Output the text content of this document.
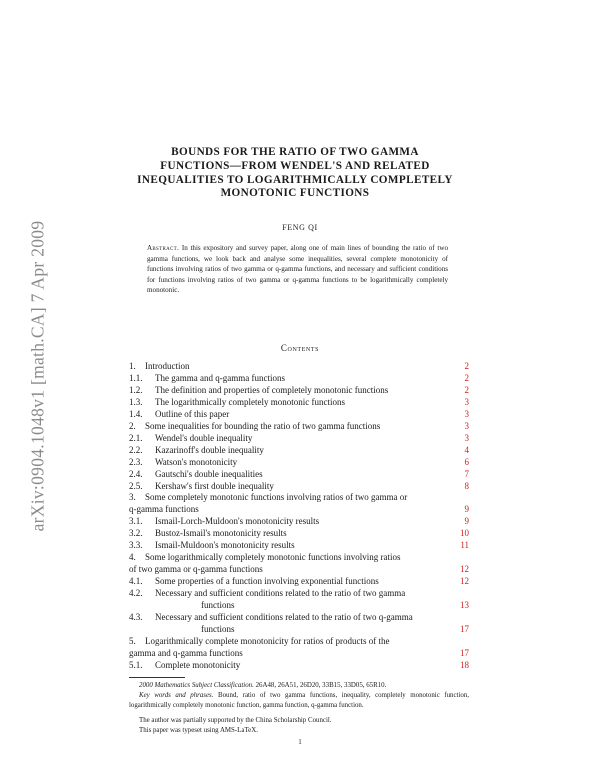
arXiv:0904.1048v1 [math.CA] 7 Apr 2009
BOUNDS FOR THE RATIO OF TWO GAMMA
FUNCTIONS—FROM WENDEL'S AND RELATED
INEQUALITIES TO LOGARITHMICALLY COMPLETELY
MONOTONIC FUNCTIONS
FENG QI
Abstract. In this expository and survey paper, along one of main lines of bounding the ratio of two gamma functions, we look back and analyse some inequalities, several complete monotonicity of functions involving ratios of two gamma or q-gamma functions, and necessary and sufficient conditions for functions involving ratios of two gamma or q-gamma functions to be logarithmically completely monotonic.
Contents
1. Introduction	2
1.1. The gamma and q-gamma functions	2
1.2. The definition and properties of completely monotonic functions	2
1.3. The logarithmically completely monotonic functions	3
1.4. Outline of this paper	3
2. Some inequalities for bounding the ratio of two gamma functions	3
2.1. Wendel's double inequality	3
2.2. Kazarinoff's double inequality	4
2.3. Watson's monotonicity	6
2.4. Gautschi's double inequalities	7
2.5. Kershaw's first double inequality	8
3. Some completely monotonic functions involving ratios of two gamma or
q-gamma functions	9
3.1. Ismail-Lorch-Muldoon's monotonicity results	9
3.2. Bustoz-Ismail's monotonicity results	10
3.3. Ismail-Muldoon's monotonicity results	11
4. Some logarithmically completely monotonic functions involving ratios
of two gamma or q-gamma functions	12
4.1. Some properties of a function involving exponential functions	12
4.2. Necessary and sufficient conditions related to the ratio of two gamma
functions	13
4.3. Necessary and sufficient conditions related to the ratio of two q-gamma
functions	17
5. Logarithmically complete monotonicity for ratios of products of the
gamma and q-gamma functions	17
5.1. Complete monotonicity	18
2000 Mathematics Subject Classification. 26A48, 26A51, 26D20, 33B15, 33D05, 65R10.
Key words and phrases. Bound, ratio of two gamma functions, inequality, completely monotonic function, logarithmically completely monotonic function, gamma function, q-gamma function.
The author was partially supported by the China Scholarship Council.
This paper was typeset using AMS-LaTeX.
1
